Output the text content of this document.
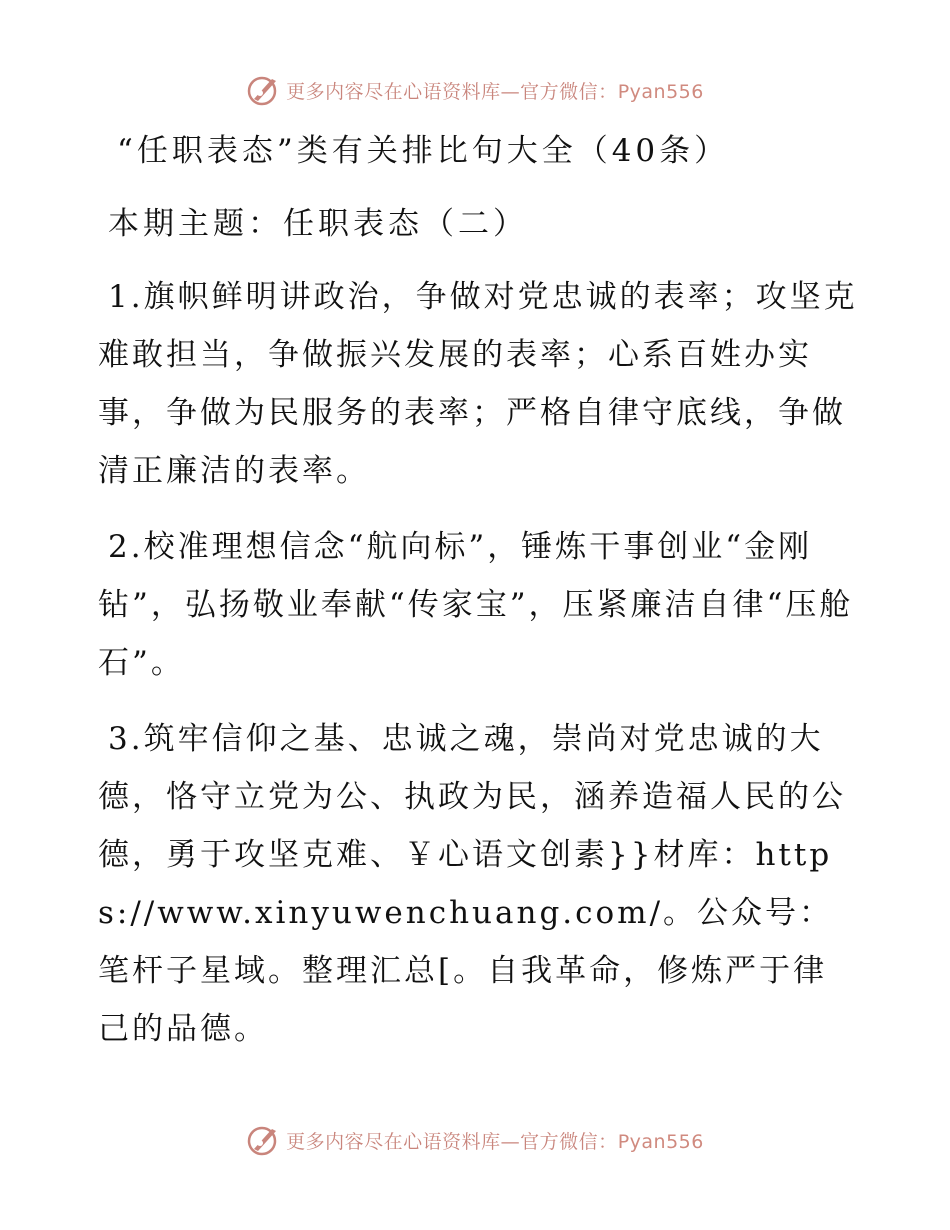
更多内容尽在心语资料库—官方微信：Pyan556
“任职表态”类有关排比句大全（40条）
本期主题：任职表态（二）
1.旗帜鲜明讲政治，争做对党忠诚的表率；攻坚克难敢担当，争做振兴发展的表率；心系百姓办实事，争做为民服务的表率；严格自律守底线，争做清正廉洁的表率。
2.校准理想信念“航向标”，锤炼干事创业“金刚钻”，弘扬敬业奉献“传家宝”，压紧廉洁自律“压舱石”。
3.筑牢信仰之基、忠诚之魂，崇尚对党忠诚的大德，恪守立党为公、执政为民，涵养造福人民的公德，勇于攻坚克难、￥心语文创素}}材库：https://www.xinyuwenchuang.com/。公众号：笔杆子星域。整理汇总[。自我革命，修炼严于律己的品德。
更多内容尽在心语资料库—官方微信：Pyan556
